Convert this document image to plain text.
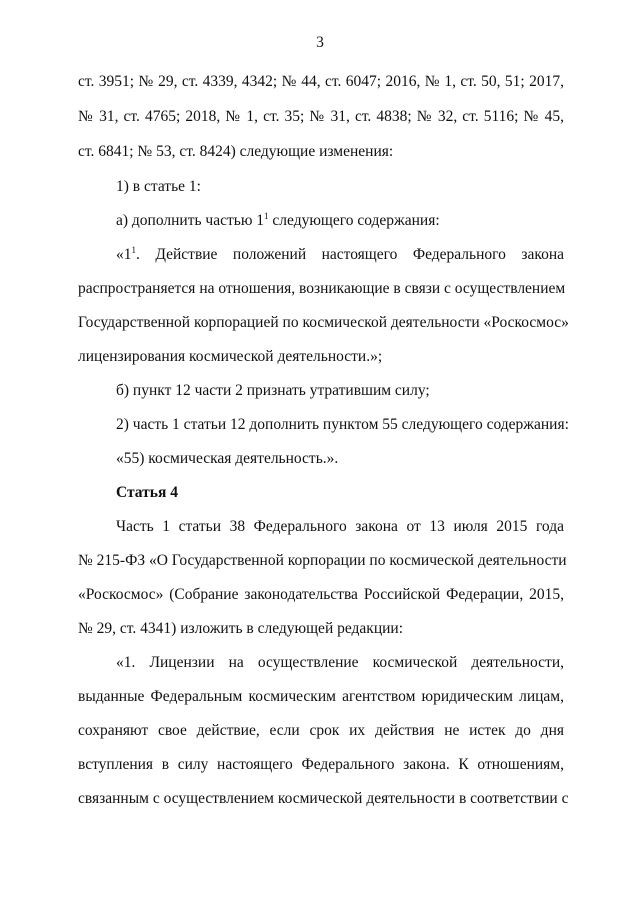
3
ст. 3951; № 29, ст. 4339, 4342; № 44, ст. 6047; 2016, № 1, ст. 50, 51; 2017,
№ 31, ст. 4765; 2018, № 1, ст. 35; № 31, ст. 4838; № 32, ст. 5116; № 45,
ст. 6841; № 53, ст. 8424) следующие изменения:
1) в статье 1:
а) дополнить частью $1^1$ следующего содержания:
«$1^1$ . Действие положений настоящего Федерального закона
распространяется на отношения, возникающие в связи с осуществлением
Государственной корпорацией по космической деятельности «Роскосмос»
лицензирования космической деятельности.»;
б) пункт 12 части 2 признать утратившим силу;
2) часть 1 статьи 12 дополнить пунктом 55 следующего содержания:
«55) космическая деятельность.».
Статья 4
Часть 1 статьи 38 Федерального закона от 13 июля 2015 года
№ 215-ФЗ «О Государственной корпорации по космической деятельности
«Роскосмос» (Собрание законодательства Российской Федерации, 2015,
№ 29, ст. 4341) изложить в следующей редакции:
«1. Лицензии на осуществление космической деятельности,
выданные Федеральным космическим агентством юридическим лицам,
сохраняют свое действие, если срок их действия не истек до дня
вступления в силу настоящего Федерального закона. К отношениям,
связанным с осуществлением космической деятельности в соответствии с
